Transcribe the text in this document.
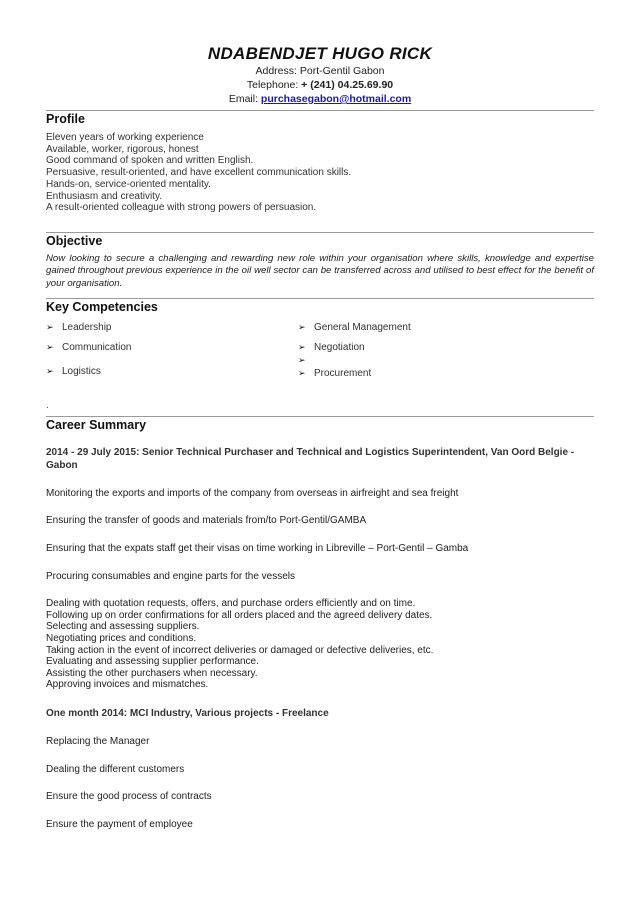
NDABENDJET HUGO RICK
Address: Port-Gentil Gabon
Telephone: + (241) 04.25.69.90
Email: purchasegabon@hotmail.com
Profile
Eleven years of working experience
Available, worker, rigorous, honest
Good command of spoken and written English.
Persuasive, result-oriented, and have excellent communication skills.
Hands-on, service-oriented mentality.
Enthusiasm and creativity.
A result-oriented colleague with strong powers of persuasion.
Objective
Now looking to secure a challenging and rewarding new role within your organisation where skills, knowledge and expertise gained throughout previous experience in the oil well sector can be transferred across and utilised to best effect for the benefit of your organisation.
Key Competencies
➢ Leadership
➢ Communication
➢ Logistics
➢ General Management
➢ Negotiation
➢
➢ Procurement
.
Career Summary
2014 - 29 July 2015: Senior Technical Purchaser and Technical and Logistics Superintendent, Van Oord Belgie - Gabon
Monitoring the exports and imports of the company from overseas in airfreight and sea freight
Ensuring the transfer of goods and materials from/to Port-Gentil/GAMBA
Ensuring that the expats staff get their visas on time working in Libreville – Port-Gentil – Gamba
Procuring consumables and engine parts for the vessels
Dealing with quotation requests, offers, and purchase orders efficiently and on time.
Following up on order confirmations for all orders placed and the agreed delivery dates.
Selecting and assessing suppliers.
Negotiating prices and conditions.
Taking action in the event of incorrect deliveries or damaged or defective deliveries, etc.
Evaluating and assessing supplier performance.
Assisting the other purchasers when necessary.
Approving invoices and mismatches.
One month 2014: MCI Industry, Various projects - Freelance
Replacing the Manager
Dealing the different customers
Ensure the good process of contracts
Ensure the payment of employee
